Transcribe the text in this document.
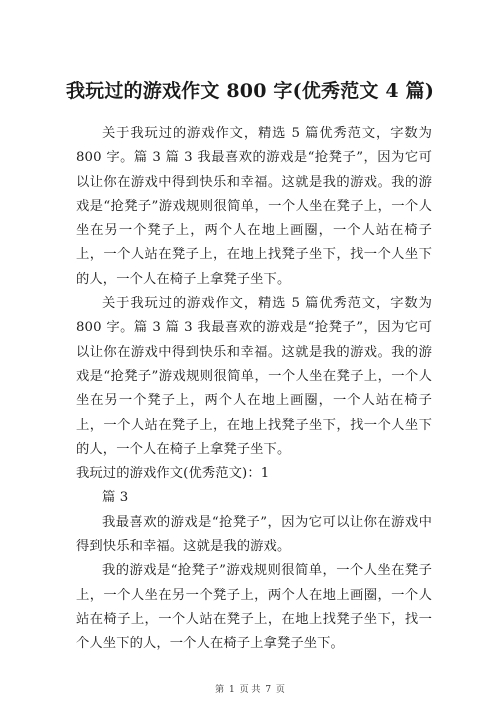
我玩过的游戏作文 800 字(优秀范文 4 篇)

关于我玩过的游戏作文，精选 5 篇优秀范文，字数为 800 字。篇 3 篇 3 我最喜欢的游戏是“抢凳子”，因为它可以让你在游戏中得到快乐和幸福。这就是我的游戏。我的游戏是“抢凳子”游戏规则很简单，一个人坐在凳子上，一个人坐在另一个凳子上，两个人在地上画圈，一个人站在椅子上，一个人站在凳子上，在地上找凳子坐下，找一个人坐下的人，一个人在椅子上拿凳子坐下。

关于我玩过的游戏作文，精选 5 篇优秀范文，字数为 800 字。篇 3 篇 3 我最喜欢的游戏是“抢凳子”，因为它可以让你在游戏中得到快乐和幸福。这就是我的游戏。我的游戏是“抢凳子”游戏规则很简单，一个人坐在凳子上，一个人坐在另一个凳子上，两个人在地上画圈，一个人站在椅子上，一个人站在凳子上，在地上找凳子坐下，找一个人坐下的人，一个人在椅子上拿凳子坐下。

我玩过的游戏作文(优秀范文)：1

篇 3

我最喜欢的游戏是“抢凳子”，因为它可以让你在游戏中得到快乐和幸福。这就是我的游戏。

我的游戏是“抢凳子”游戏规则很简单，一个人坐在凳子上，一个人坐在另一个凳子上，两个人在地上画圈，一个人站在椅子上，一个人站在凳子上，在地上找凳子坐下，找一个人坐下的人，一个人在椅子上拿凳子坐下。

第 1 页 共 7 页
